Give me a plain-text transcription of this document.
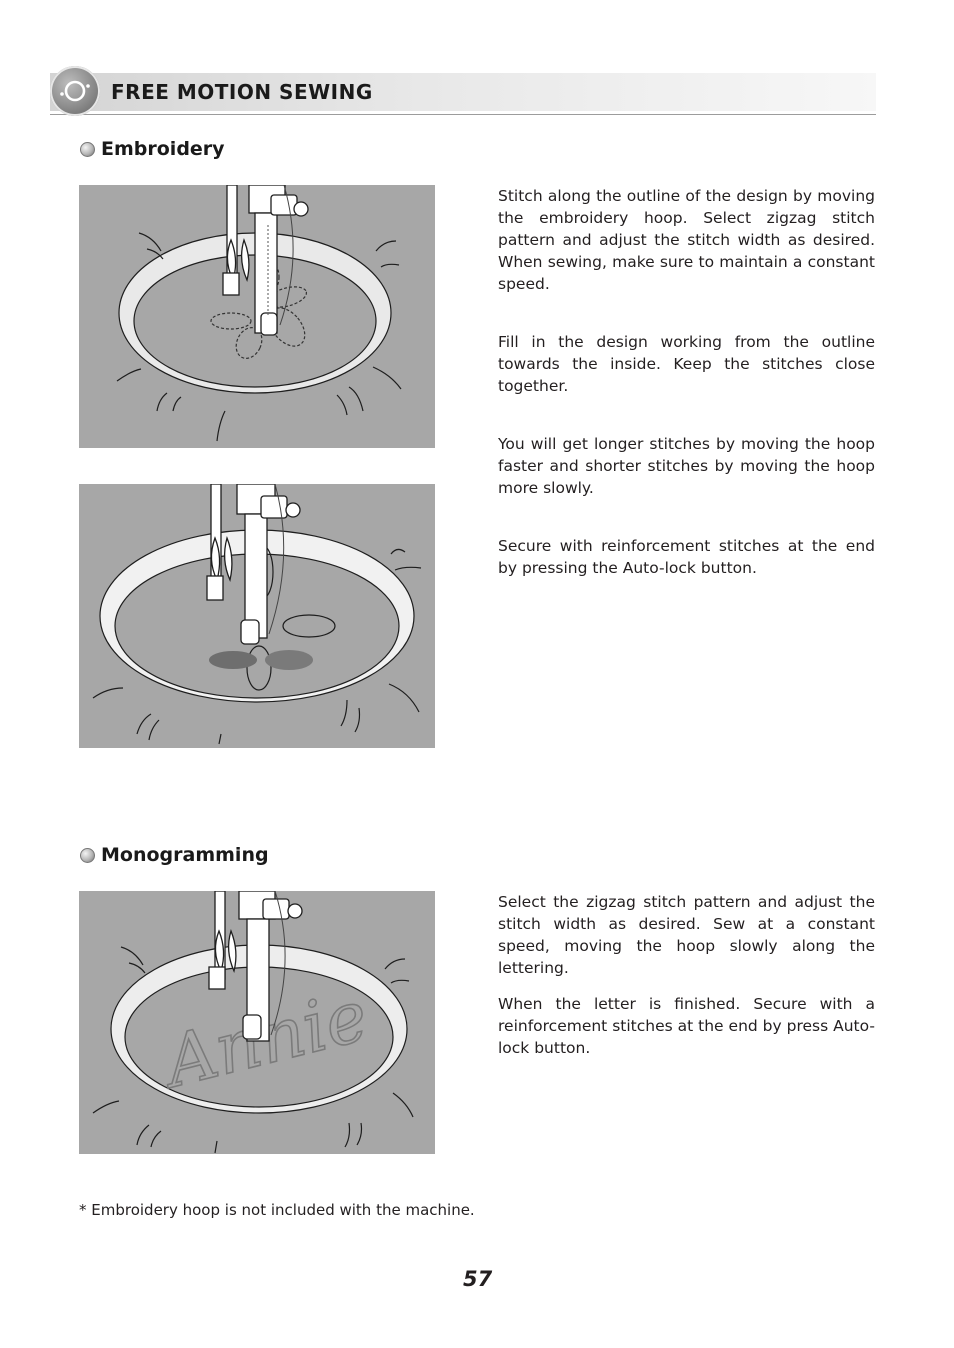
FREE MOTION SEWING
Embroidery

Stitch along the outline of the design by moving the embroidery hoop. Select zigzag stitch pattern and adjust the stitch width as desired. When sewing, make sure to maintain a constant speed.

Fill in the design working from the outline towards the inside. Keep the stitches close together.

You will get longer stitches by moving the hoop faster and shorter stitches by moving the hoop more slowly.

Secure with reinforcement stitches at the end by pressing the Auto-lock button.

Monogramming

Select the zigzag stitch pattern and adjust the stitch width as desired. Sew at a constant speed, moving the hoop slowly along the lettering.

When the letter is finished. Secure with a reinforcement stitches at the end by press Auto-lock button.

* Embroidery hoop is not included with the machine.

57
